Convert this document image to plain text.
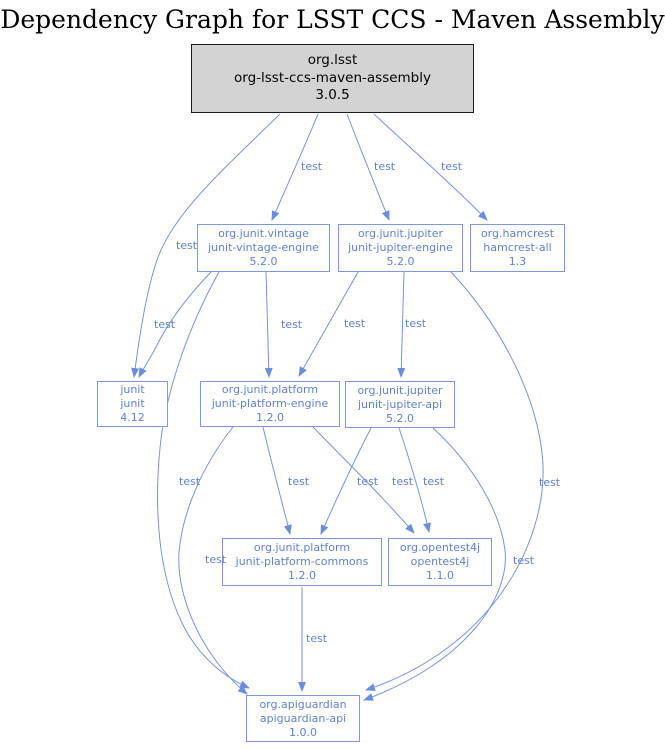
Dependency Graph for LSST CCS - Maven Assembly
org.lsst
org-lsst-ccs-maven-assembly
3.0.5
org.junit.vintage
junit-vintage-engine
5.2.0
org.junit.jupiter
junit-jupiter-engine
5.2.0
org.hamcrest
hamcrest-all
1.3
junit
junit
4.12
org.junit.platform
junit-platform-engine
1.2.0
org.junit.jupiter
junit-jupiter-api
5.2.0
org.junit.platform
junit-platform-commons
1.2.0
org.opentest4j
opentest4j
1.1.0
org.apiguardian
apiguardian-api
1.0.0
test	test	test
test
test	test	test	test
test	test	test test test	test
test	test
test
